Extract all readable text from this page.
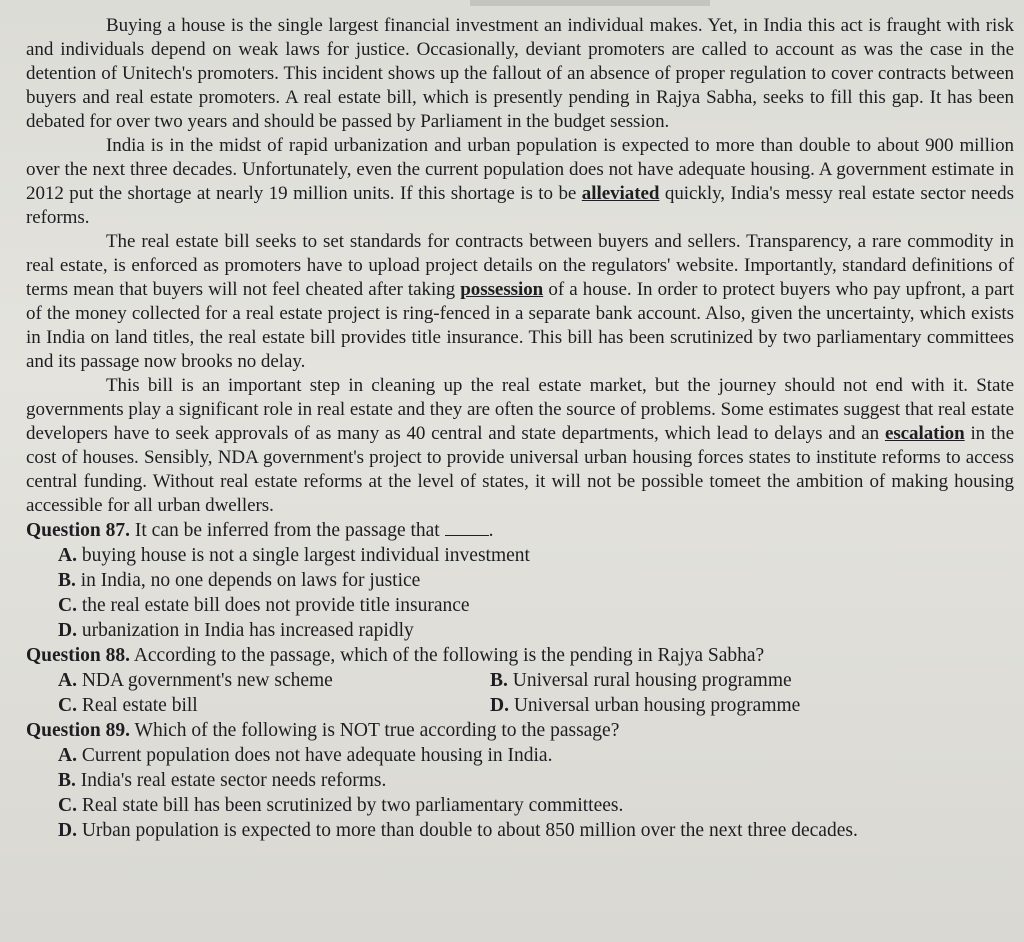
Buying a house is the single largest financial investment an individual makes. Yet, in India this act is fraught with risk and individuals depend on weak laws for justice. Occasionally, deviant promoters are called to account as was the case in the detention of Unitech's promoters. This incident shows up the fallout of an absence of proper regulation to cover contracts between buyers and real estate promoters. A real estate bill, which is presently pending in Rajya Sabha, seeks to fill this gap. It has been debated for over two years and should be passed by Parliament in the budget session.

India is in the midst of rapid urbanization and urban population is expected to more than double to about 900 million over the next three decades. Unfortunately, even the current population does not have adequate housing. A government estimate in 2012 put the shortage at nearly 19 million units. If this shortage is to be alleviated quickly, India's messy real estate sector needs reforms.

The real estate bill seeks to set standards for contracts between buyers and sellers. Transparency, a rare commodity in real estate, is enforced as promoters have to upload project details on the regulators' website. Importantly, standard definitions of terms mean that buyers will not feel cheated after taking possession of a house. In order to protect buyers who pay upfront, a part of the money collected for a real estate project is ring-fenced in a separate bank account. Also, given the uncertainty, which exists in India on land titles, the real estate bill provides title insurance. This bill has been scrutinized by two parliamentary committees and its passage now brooks no delay.

This bill is an important step in cleaning up the real estate market, but the journey should not end with it. State governments play a significant role in real estate and they are often the source of problems. Some estimates suggest that real estate developers have to seek approvals of as many as 40 central and state departments, which lead to delays and an escalation in the cost of houses. Sensibly, NDA government's project to provide universal urban housing forces states to institute reforms to access central funding. Without real estate reforms at the level of states, it will not be possible tomeet the ambition of making housing accessible for all urban dwellers.

Question 87. It can be inferred from the passage that	.

A. buying house is not a single largest individual investment

B. in India, no one depends on laws for justice

C. the real estate bill does not provide title insurance

D. urbanization in India has increased rapidly

Question 88. According to the passage, which of the following is the pending in Rajya Sabha?

A. NDA government's new scheme	B. Universal rural housing programme
C. Real estate bill	D. Universal urban housing programme

Question 89. Which of the following is NOT true according to the passage?

A. Current population does not have adequate housing in India.

B. India's real estate sector needs reforms.

C. Real state bill has been scrutinized by two parliamentary committees.

D. Urban population is expected to more than double to about 850 million over the next three decades.
